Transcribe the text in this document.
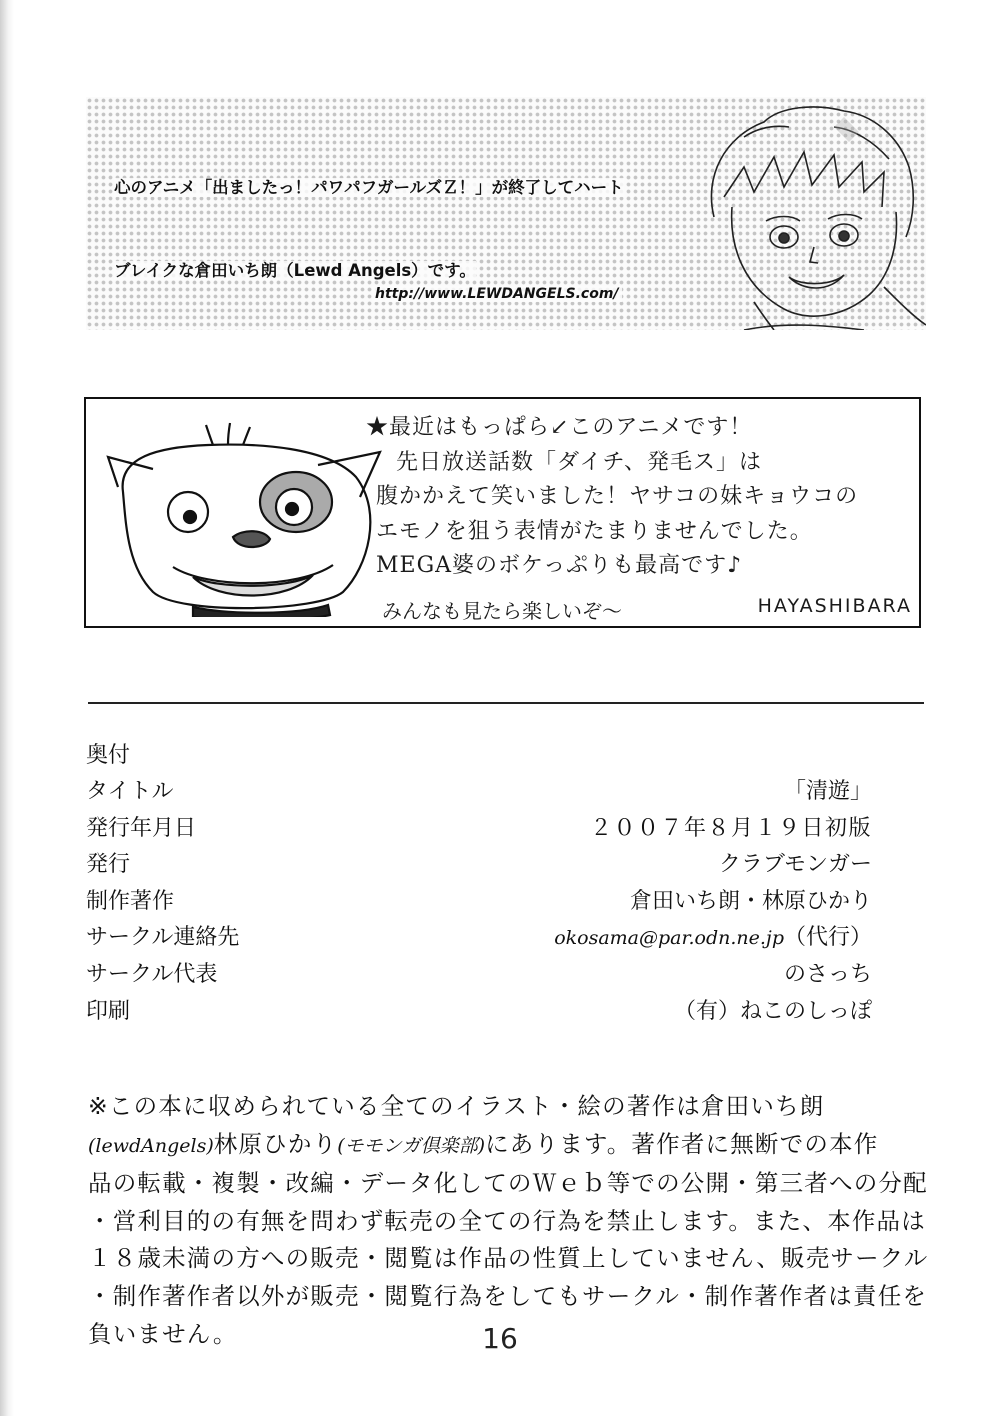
心のアニメ「出ましたっ！パワパフガールズＺ！」が終了してハート

ブレイクな倉田いち朗（Lewd Angels）です。

http://www.LEWDANGELS.com/
★最近はもっぱら↙このアニメです！
先日放送話数「ダイチ、発毛ス」は
腹かかえて笑いました！ヤサコの妹キョウコの
エモノを狙う表情がたまりませんでした。
MEGA婆のボケっぷりも最高です♪
みんなも見たら楽しいぞ～	HAYASHIBARA
奥付
タイトル	「清遊」
発行年月日	２００７年８月１９日初版
発行	クラブモンガー
制作著作	倉田いち朗・林原ひかり
サークル連絡先	okosama@par.odn.ne.jp（代行）
サークル代表	のさっち
印刷	（有）ねこのしっぽ
※この本に収められている全てのイラスト・絵の著作は倉田いち朗
(lewdAngels)林原ひかり(モモンガ倶楽部)にあります。著作者に無断での本作
品の転載・複製・改編・データ化してのＷｅｂ等での公開・第三者への分配
・営利目的の有無を問わず転売の全ての行為を禁止します。また、本作品は
１８歳未満の方への販売・閲覧は作品の性質上していません、販売サークル
・制作著作者以外が販売・閲覧行為をしてもサークル・制作著作者は責任を
負いません。	16
